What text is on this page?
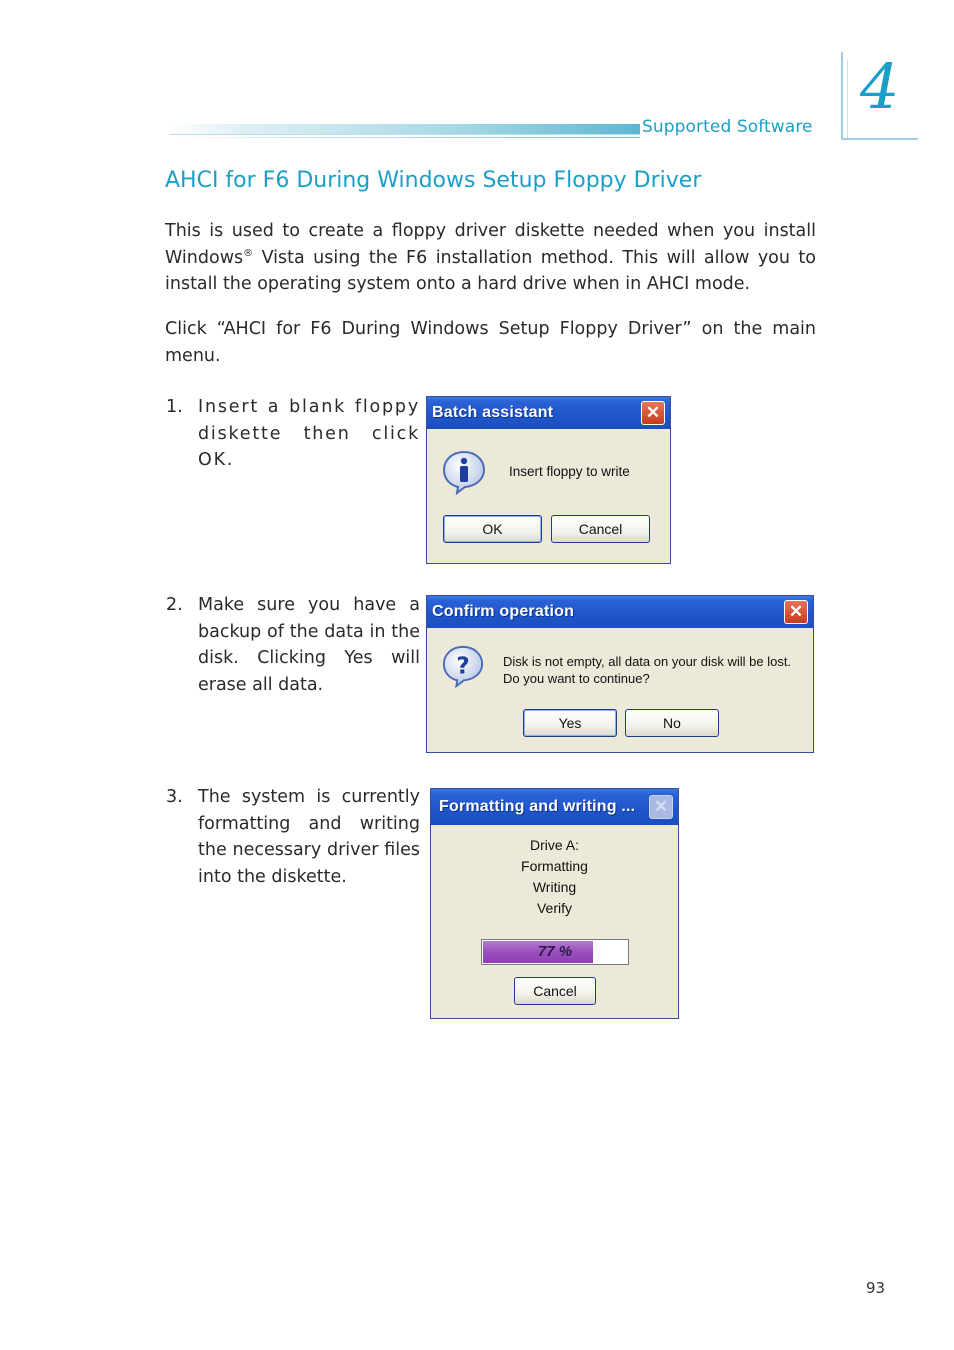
Supported Software
4
AHCI for F6 During Windows Setup Floppy Driver

This is used to create a floppy driver diskette needed when you install Windows® Vista using the F6 installation method. This will allow you to install the operating system onto a hard drive when in AHCI mode.

Click “AHCI for F6 During Windows Setup Floppy Driver” on the main menu.

1. Insert a blank floppy diskette then click OK.

2. Make sure you have a backup of the data in the disk. Clicking Yes will erase all data.

3. The system is currently formatting and writing the necessary driver files into the diskette.

Batch assistant	✕
Insert floppy to write
OK	Cancel
Confirm operation	✕
?	Disk is not empty, all data on your disk will be lost.
Do you want to continue?
Yes	No
Formatting and writing ... ✕
Drive A:
Formatting
Writing
Verify
77 %
Cancel
93
